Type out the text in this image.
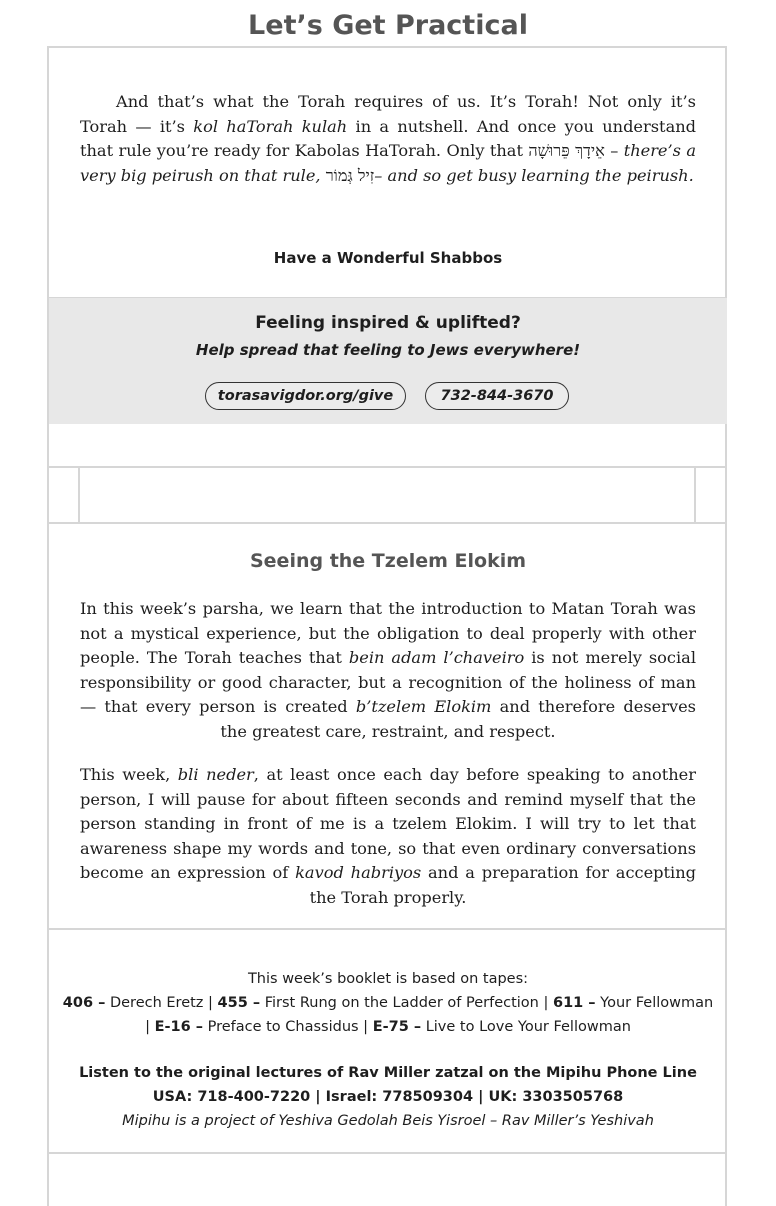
And that’s what the Torah requires of us. It’s Torah! Not only it’s Torah — it’s kol haTorah kulah in a nutshell. And once you understand that rule you’re ready for Kabolas HaTorah. Only that אֵידָךְ פֵּרוּשָׁה – there’s a very big peirush on that rule, זִיל גְּמוֹר– and so get busy learning the peirush.

Have a Wonderful Shabbos
Feeling inspired & uplifted?
Help spread that feeling to Jews everywhere!
torasavigdor.org/give	732-844-3670
Let’s Get Practical
Seeing the Tzelem Elokim

In this week’s parsha, we learn that the introduction to Matan Torah was not a mystical experience, but the obligation to deal properly with other people. The Torah teaches that bein adam l’chaveiro is not merely social responsibility or good character, but a recognition of the holiness of man — that every person is created b’tzelem Elokim and therefore deserves the greatest care, restraint, and respect.

This week, bli neder, at least once each day before speaking to another person, I will pause for about fifteen seconds and remind myself that the person standing in front of me is a tzelem Elokim. I will try to let that awareness shape my words and tone, so that even ordinary conversations become an expression of kavod habriyos and a preparation for accepting the Torah properly.

This week’s booklet is based on tapes:
406 – Derech Eretz | 455 – First Rung on the Ladder of Perfection | 611 – Your Fellowman
| E-16 – Preface to Chassidus | E-75 – Live to Love Your Fellowman
Listen to the original lectures of Rav Miller zatzal on the Mipihu Phone Line
USA: 718-400-7220 | Israel: 778509304 | UK: 3303505768
Mipihu is a project of Yeshiva Gedolah Beis Yisroel – Rav Miller’s Yeshivah
